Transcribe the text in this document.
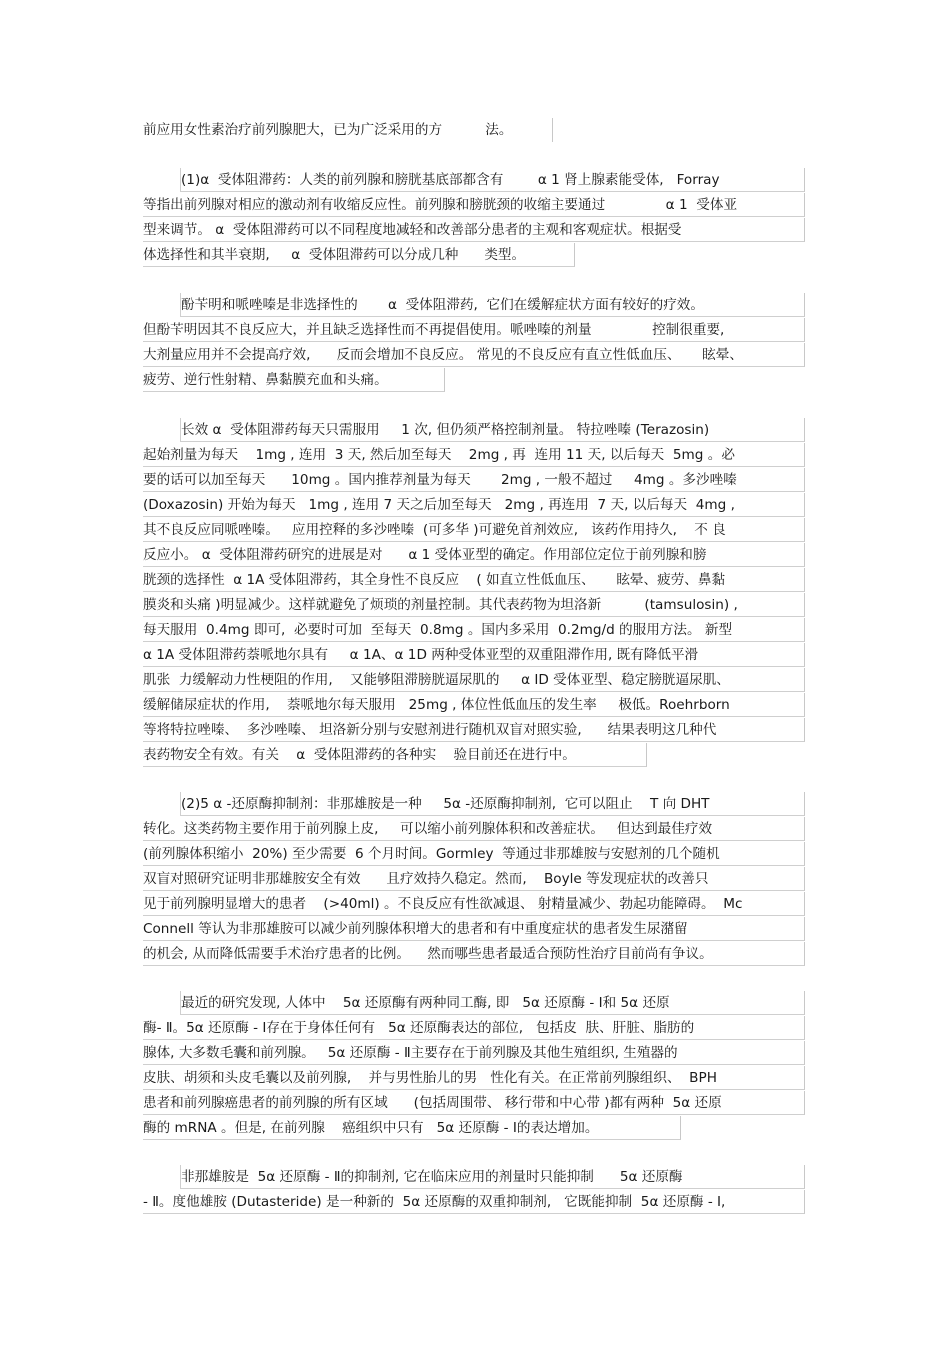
前应用女性素治疗前列腺肥大，已为广泛采用的方          法。
(1)α  受体阻滞药：人类的前列腺和膀胱基底部都含有        α 1 肾上腺素能受体,   Forray
等指出前列腺对相应的激动剂有收缩反应性。前列腺和膀胱颈的收缩主要通过              α 1  受体亚
型来调节。 α  受体阻滞药可以不同程度地减轻和改善部分患者的主观和客观症状。根据受
体选择性和其半衰期,     α  受体阻滞药可以分成几种      类型。
酚苄明和哌唑嗪是非选择性的       α  受体阻滞药,  它们在缓解症状方面有较好的疗效。
但酚苄明因其不良反应大，并且缺乏选择性而不再提倡使用。哌唑嗪的剂量              控制很重要,
大剂量应用并不会提高疗效,      反而会增加不良反应。 常见的不良反应有直立性低血压、     眩晕、
疲劳、逆行性射精、鼻黏膜充血和头痛。
长效 α  受体阻滞药每天只需服用     1 次, 但仍须严格控制剂量。 特拉唑嗪 (Terazosin)
起始剂量为每天    1mg , 连用  3 天, 然后加至每天    2mg , 再  连用 11 天, 以后每天  5mg 。必
要的话可以加至每天      10mg 。国内推荐剂量为每天       2mg , 一般不超过     4mg 。多沙唑嗪
(Doxazosin) 开始为每天   1mg , 连用 7 天之后加至每天   2mg , 再连用  7 天, 以后每天  4mg ,
其不良反应同哌唑嗪。   应用控释的多沙唑嗪  (可多华 )可避免首剂效应,   该药作用持久,    不 良
反应小。 α  受体阻滞药研究的进展是对      α 1 受体亚型的确定。作用部位定位于前列腺和膀
胱颈的选择性  α 1A 受体阻滞药，其全身性不良反应    ( 如直立性低血压、     眩晕、疲劳、鼻黏
膜炎和头痛 )明显减少。这样就避免了烦琐的剂量控制。其代表药物为坦洛新          (tamsulosin) ,
每天服用  0.4mg 即可,  必要时可加  至每天  0.8mg 。国内多采用  0.2mg/d 的服用方法。 新型
α 1A 受体阻滞药萘哌地尔具有     α 1A、α 1D 两种受体亚型的双重阻滞作用, 既有降低平滑
肌张  力缓解动力性梗阻的作用,    又能够阻滞膀胱逼尿肌的     α ID 受体亚型、稳定膀胱逼尿肌、
缓解储尿症状的作用,    萘哌地尔每天服用   25mg , 体位性低血压的发生率     极低。Roehrborn
等将特拉唑嗪、  多沙唑嗪、 坦洛新分别与安慰剂进行随机双盲对照实验,      结果表明这几种代
表药物安全有效。有关    α  受体阻滞药的各种实    验目前还在进行中。
(2)5 α -还原酶抑制剂：非那雄胺是一种     5α -还原酶抑制剂,  它可以阻止    T 向 DHT
转化。这类药物主要作用于前列腺上皮,     可以缩小前列腺体积和改善症状。   但达到最佳疗效
(前列腺体积缩小  20%) 至少需要  6 个月时间。Gormley  等通过非那雄胺与安慰剂的几个随机
双盲对照研究证明非那雄胺安全有效      且疗效持久稳定。然而,    Boyle 等发现症状的改善只
见于前列腺明显增大的患者    (>40ml) 。不良反应有性欲减退、 射精量减少、勃起功能障碍。  Mc
Connell 等认为非那雄胺可以减少前列腺体积增大的患者和有中重度症状的患者发生尿潴留
的机会, 从而降低需要手术治疗患者的比例。    然而哪些患者最适合预防性治疗目前尚有争议。
最近的研究发现, 人体中    5α 还原酶有两种同工酶, 即   5α 还原酶 - Ⅰ和 5α 还原
酶- Ⅱ。5α 还原酶 - Ⅰ存在于身体任何有   5α 还原酶表达的部位,   包括皮  肤、肝脏、脂肪的
腺体, 大多数毛囊和前列腺。   5α 还原酶 - Ⅱ主要存在于前列腺及其他生殖组织, 生殖器的
皮肤、胡须和头皮毛囊以及前列腺,    并与男性胎儿的男   性化有关。在正常前列腺组织、  BPH
患者和前列腺癌患者的前列腺的所有区域      (包括周围带、 移行带和中心带 )都有两种  5α 还原
酶的 mRNA 。但是, 在前列腺    癌组织中只有   5α 还原酶 - Ⅰ的表达增加。
非那雄胺是  5α 还原酶 - Ⅱ的抑制剂, 它在临床应用的剂量时只能抑制      5α 还原酶
- Ⅱ。度他雄胺 (Dutasteride) 是一种新的  5α 还原酶的双重抑制剂,   它既能抑制  5α 还原酶 - Ⅰ,
